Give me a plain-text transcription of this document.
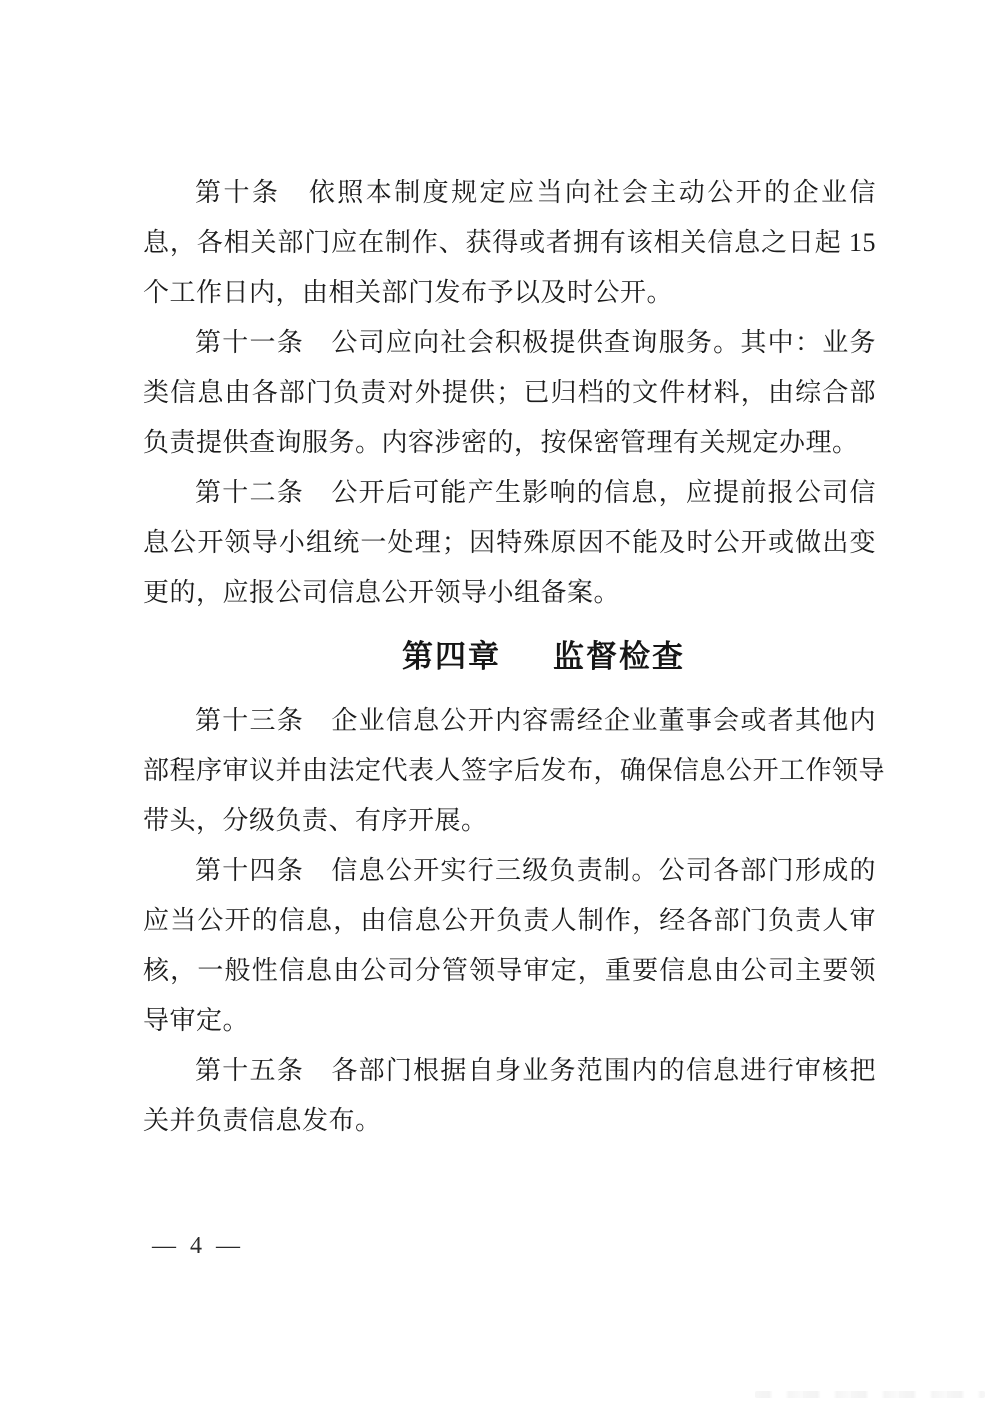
第十条　依照本制度规定应当向社会主动公开的企业信
息，各相关部门应在制作、获得或者拥有该相关信息之日起 15
个工作日内，由相关部门发布予以及时公开。
第十一条　公司应向社会积极提供查询服务。其中：业务
类信息由各部门负责对外提供；已归档的文件材料，由综合部
负责提供查询服务。内容涉密的，按保密管理有关规定办理。
第十二条　公开后可能产生影响的信息，应提前报公司信
息公开领导小组统一处理；因特殊原因不能及时公开或做出变
更的，应报公司信息公开领导小组备案。
第四章 监督检查
第十三条　企业信息公开内容需经企业董事会或者其他内
部程序审议并由法定代表人签字后发布，确保信息公开工作领导
带头，分级负责、有序开展。
第十四条　信息公开实行三级负责制。公司各部门形成的
应当公开的信息，由信息公开负责人制作，经各部门负责人审
核，一般性信息由公司分管领导审定，重要信息由公司主要领
导审定。
第十五条　各部门根据自身业务范围内的信息进行审核把
关并负责信息发布。
— 4 —
